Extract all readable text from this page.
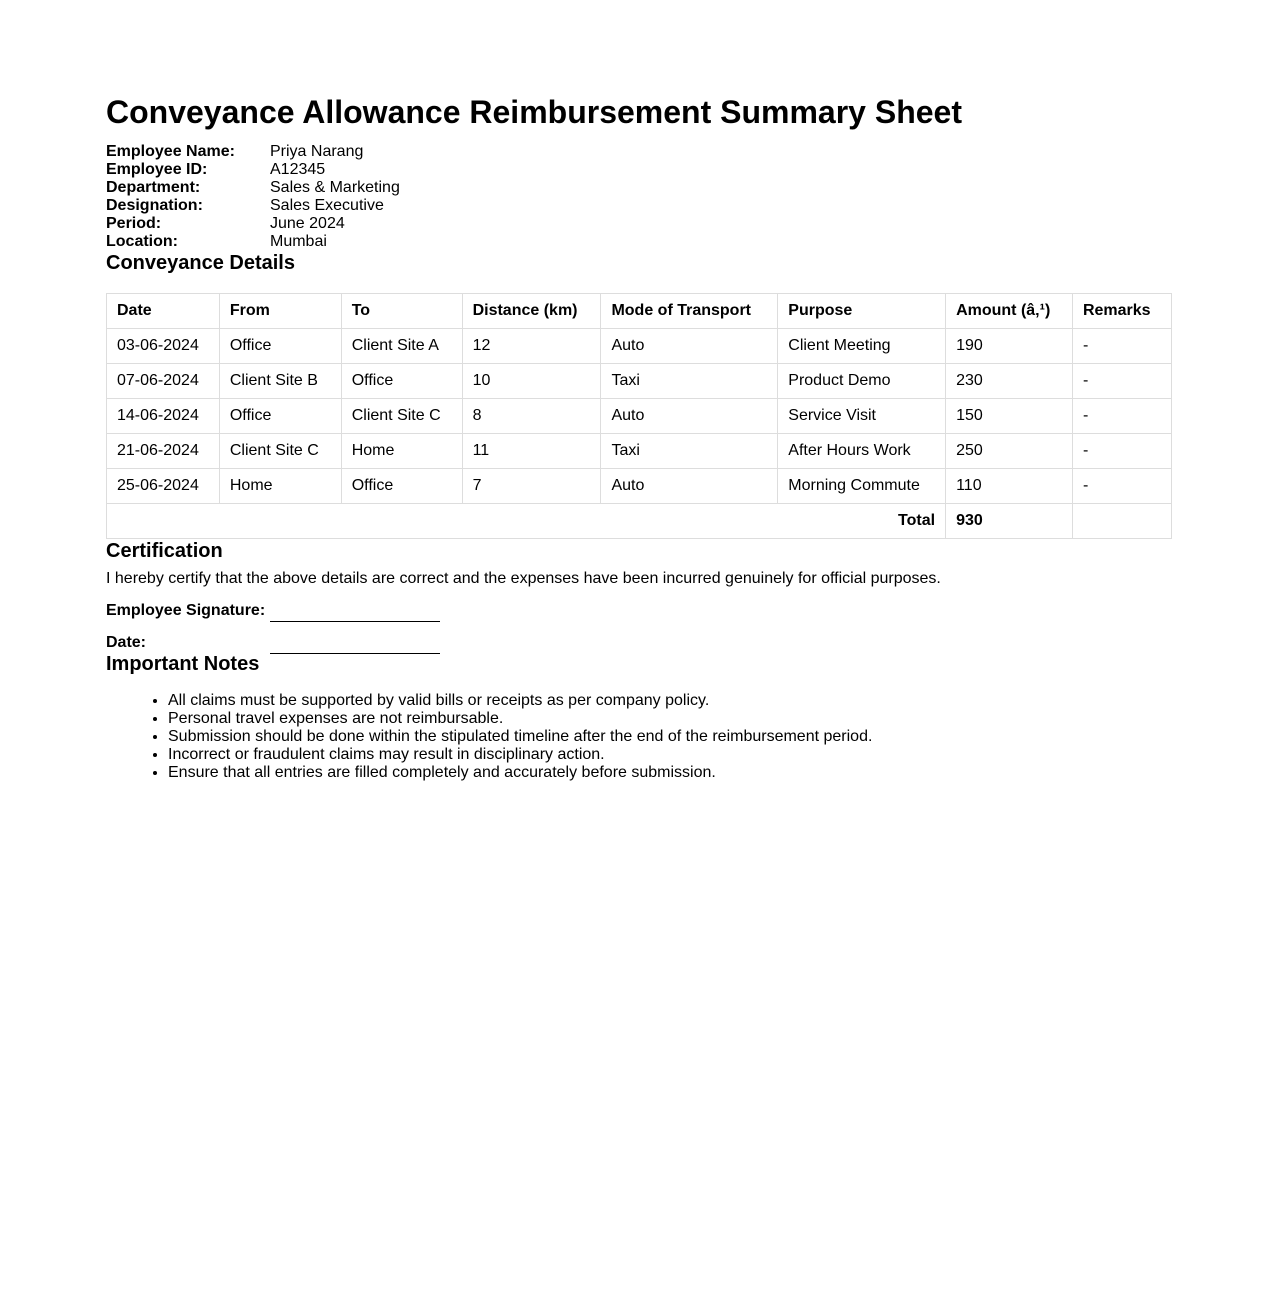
Conveyance Allowance Reimbursement Summary Sheet
Employee Name:	Priya Narang
Employee ID:	A12345
Department:	Sales & Marketing
Designation:	Sales Executive
Period:	June 2024
Location:	Mumbai
Conveyance Details
Date	From	To	Distance (km)	Mode of Transport	Purpose	Amount (â‚¹)	Remarks
03-06-2024	Office	Client Site A	12	Auto	Client Meeting	190	-
07-06-2024	Client Site B	Office	10	Taxi	Product Demo	230	-
14-06-2024	Office	Client Site C	8	Auto	Service Visit	150	-
21-06-2024	Client Site C	Home	11	Taxi	After Hours Work	250	-
25-06-2024	Home	Office	7	Auto	Morning Commute	110	-
Total						930	
Certification
I hereby certify that the above details are correct and the expenses have been incurred genuinely for official purposes.
Employee Signature:
Date:
Important Notes
• All claims must be supported by valid bills or receipts as per company policy.
• Personal travel expenses are not reimbursable.
• Submission should be done within the stipulated timeline after the end of the reimbursement period.
• Incorrect or fraudulent claims may result in disciplinary action.
• Ensure that all entries are filled completely and accurately before submission.
